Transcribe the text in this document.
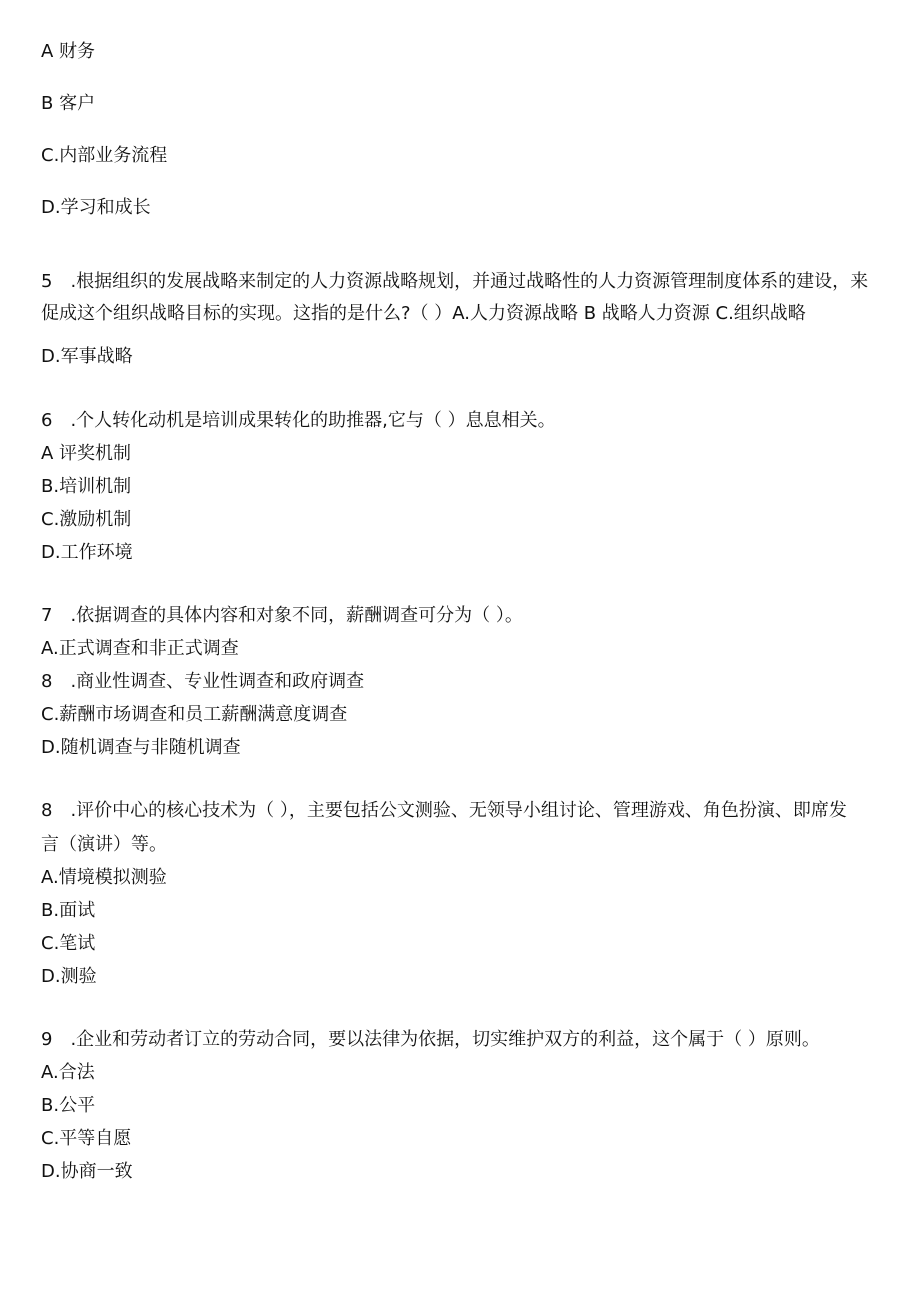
A 财务
B 客户
C.内部业务流程
D.学习和成长
5　.根据组织的发展战略来制定的人力资源战略规划，并通过战略性的人力资源管理制度体系的建设，来
促成这个组织战略目标的实现。这指的是什么?（ ）A.人力资源战略 B 战略人力资源 C.组织战略
D.军事战略
6　.个人转化动机是培训成果转化的助推器,它与（ ）息息相关。
A 评奖机制
B.培训机制
C.激励机制
D.工作环境
7　.依据调查的具体内容和对象不同，薪酬调查可分为（ ）。
A.正式调查和非正式调查
8　.商业性调查、专业性调查和政府调查
C.薪酬市场调查和员工薪酬满意度调查
D.随机调查与非随机调查
8　.评价中心的核心技术为（ ），主要包括公文测验、无领导小组讨论、管理游戏、角色扮演、即席发
言（演讲）等。
A.情境模拟测验
B.面试
C.笔试
D.测验
9　.企业和劳动者订立的劳动合同，要以法律为依据，切实维护双方的利益，这个属于（ ）原则。
A.合法
B.公平
C.平等自愿
D.协商一致
